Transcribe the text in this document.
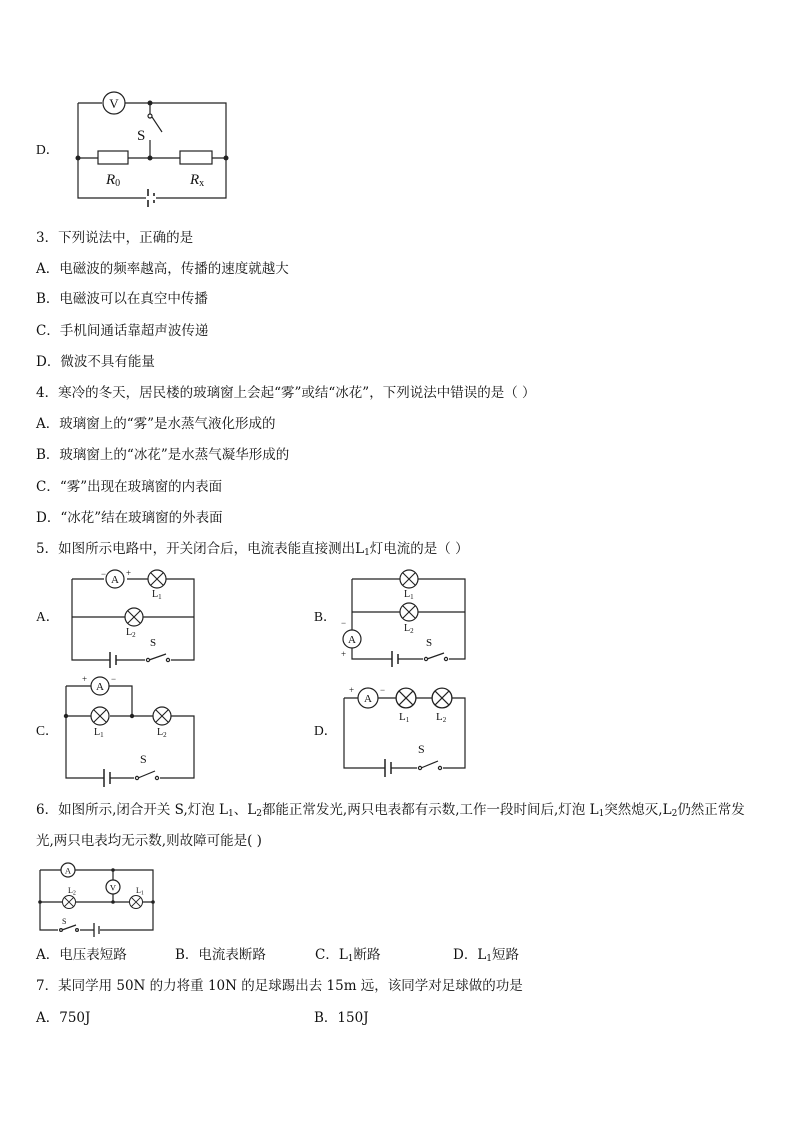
D．
V
S
R0	Rx
3．下列说法中，正确的是
A．电磁波的频率越高，传播的速度就越大
B．电磁波可以在真空中传播
C．手机间通话靠超声波传递
D．微波不具有能量
4．寒冷的冬天，居民楼的玻璃窗上会起“雾”或结“冰花”，下列说法中错误的是（ ）
A．玻璃窗上的“雾”是水蒸气液化形成的
B．玻璃窗上的“冰花”是水蒸气凝华形成的
C．“雾”出现在玻璃窗的内表面
D．“冰花”结在玻璃窗的外表面
5．如图所示电路中，开关闭合后，电流表能直接测出$L_1$灯电流的是（ ）
A．	B．
C．	D．
A
− +
$L_1$
$L_2$
S
$L_1$
$L_2$
A
−
+
S
A
+	−
$L_1$	$L_2$
S
A
+	−
L1 L2
S
6．如图所示,闭合开关 S,灯泡 $L_1$、$L_2$都能正常发光,两只电表都有示数,工作一段时间后,灯泡 $L_1$突然熄灭$,L_2$仍然正常发
光,两只电表均无示数,则故障可能是( )
A
V
L2	L1
S
A．电压表短路	B．电流表断路	C．$L_1$断路	D．$L_1$短路
7．某同学用 50N 的力将重 10N 的足球踢出去 15m 远，该同学对足球做的功是
A．750J	B．150J
